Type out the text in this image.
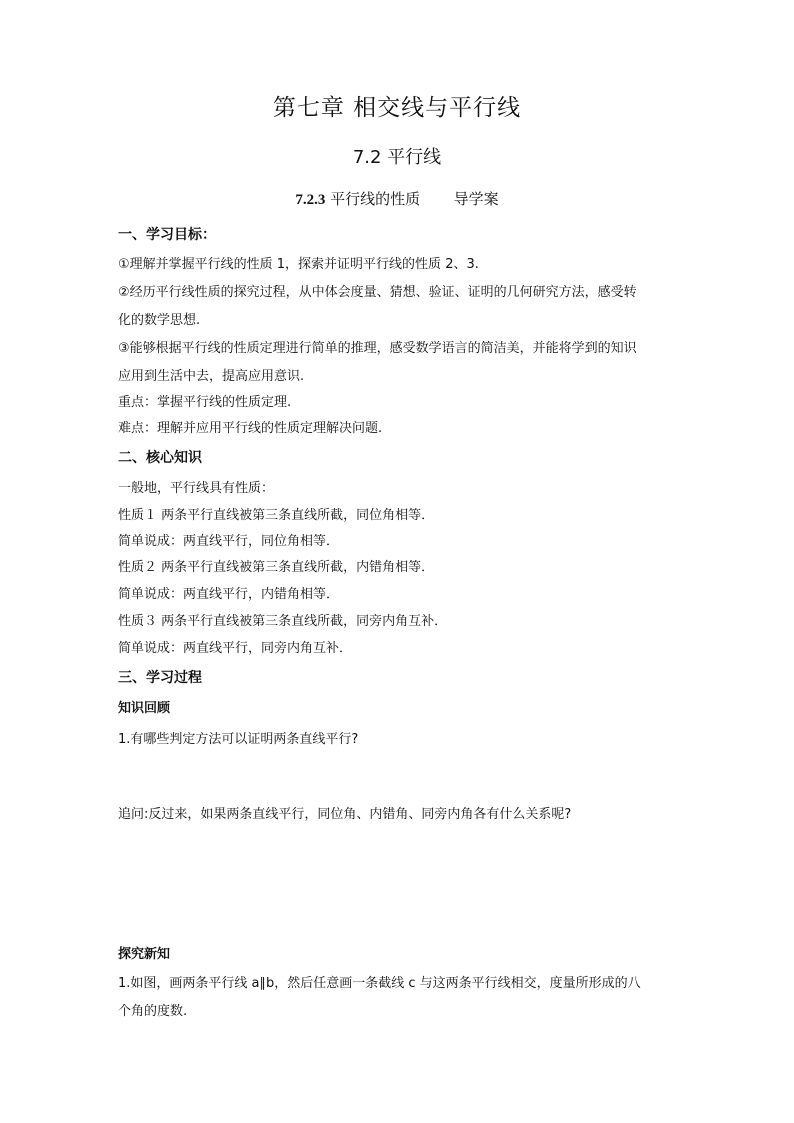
第七章 相交线与平行线
7.2 平行线
7.2.3 平行线的性质 导学案
一、学习目标：
①理解并掌握平行线的性质 1，探索并证明平行线的性质 2、3.
②经历平行线性质的探究过程，从中体会度量、猜想、验证、证明的几何研究方法，感受转
化的数学思想.
③能够根据平行线的性质定理进行简单的推理，感受数学语言的简洁美，并能将学到的知识
应用到生活中去，提高应用意识.
重点：掌握平行线的性质定理.
难点：理解并应用平行线的性质定理解决问题.
二、核心知识
一般地，平行线具有性质：
性质１ 两条平行直线被第三条直线所截，同位角相等．
简单说成：两直线平行，同位角相等．
性质２ 两条平行直线被第三条直线所截，内错角相等．
简单说成：两直线平行，内错角相等．
性质３ 两条平行直线被第三条直线所截，同旁内角互补．
简单说成：两直线平行，同旁内角互补．
三、学习过程
知识回顾
1.有哪些判定方法可以证明两条直线平行?
追问:反过来，如果两条直线平行，同位角、内错角、同旁内角各有什么关系呢?
探究新知
1.如图，画两条平行线 a∥b，然后任意画一条截线 c 与这两条平行线相交，度量所形成的八
个角的度数.
